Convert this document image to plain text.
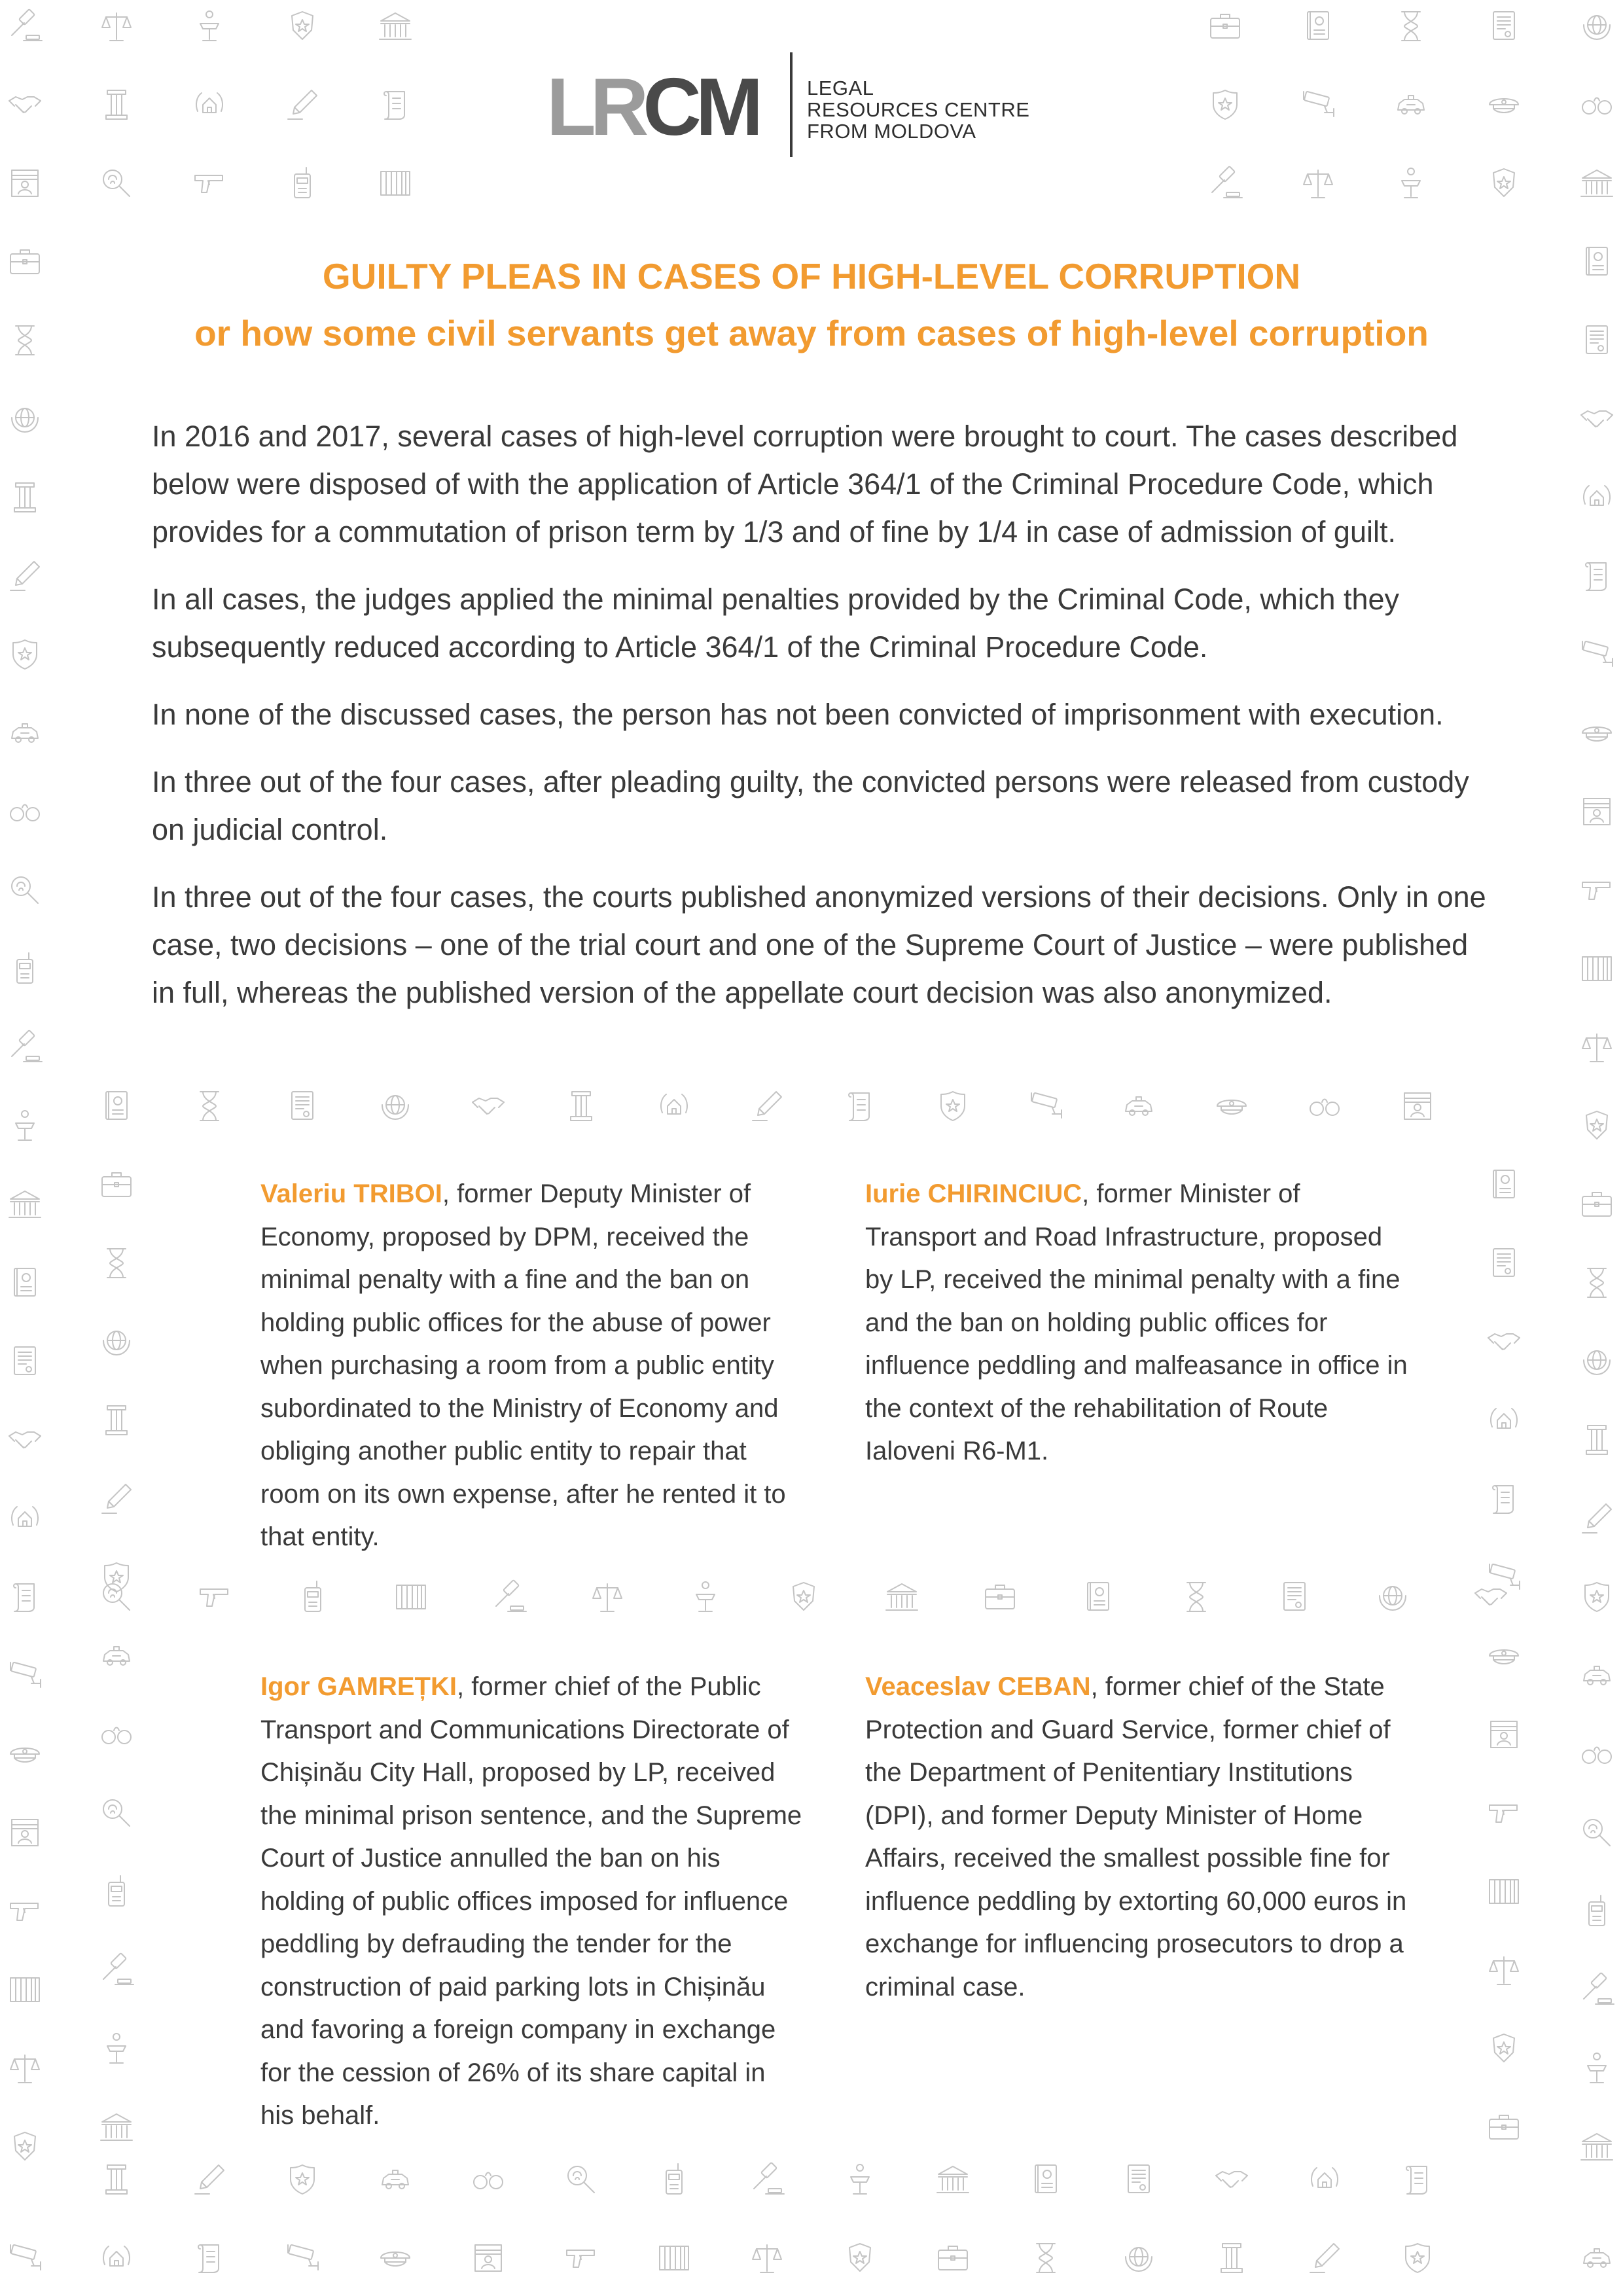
LRCM LEGAL
RESOURCES CENTRE
FROM MOLDOVA
GUILTY PLEAS IN CASES OF HIGH-LEVEL CORRUPTION
or how some civil servants get away from cases of high-level corruption

In 2016 and 2017, several cases of high-level corruption were brought to court. The cases described below were disposed of with the application of Article 364/1 of the Criminal Procedure Code, which provides for a commutation of prison term by 1/3 and of fine by 1/4 in case of admission of guilt.

In all cases, the judges applied the minimal penalties provided by the Criminal Code, which they subsequently reduced according to Article 364/1 of the Criminal Procedure Code.

In none of the discussed cases, the person has not been convicted of imprisonment with execution.

In three out of the four cases, after pleading guilty, the convicted persons were released from custody on judicial control.

In three out of the four cases, the courts published anonymized versions of their decisions. Only in one case, two decisions – one of the trial court and one of the Supreme Court of Justice – were published in full, whereas the published version of the appellate court decision was also anonymized.

Valeriu TRIBOI, former Deputy Minister of Economy, proposed by DPM, received the minimal penalty with a fine and the ban on holding public offices for the abuse of power when purchasing a room from a public entity subordinated to the Ministry of Economy and obliging another public entity to repair that room on its own expense, after he rented it to that entity.
Iurie CHIRINCIUC, former Minister of Transport and Road Infrastructure, proposed by LP, received the minimal penalty with a fine and the ban on holding public offices for influence peddling and malfeasance in office in the context of the rehabilitation of Route Ialoveni R6-M1.
Igor GAMREȚKI, former chief of the Public Transport and Communications Directorate of Chișinău City Hall, proposed by LP, received the minimal prison sentence, and the Supreme Court of Justice annulled the ban on his holding of public offices imposed for influence peddling by defrauding the tender for the construction of paid parking lots in Chișinău and favoring a foreign company in exchange for the cession of 26% of its share capital in his behalf.
Veaceslav CEBAN, former chief of the State Protection and Guard Service, former chief of the Department of Penitentiary Institutions (DPI), and former Deputy Minister of Home Affairs, received the smallest possible fine for influence peddling by extorting 60,000 euros in exchange for influencing prosecutors to drop a criminal case.
